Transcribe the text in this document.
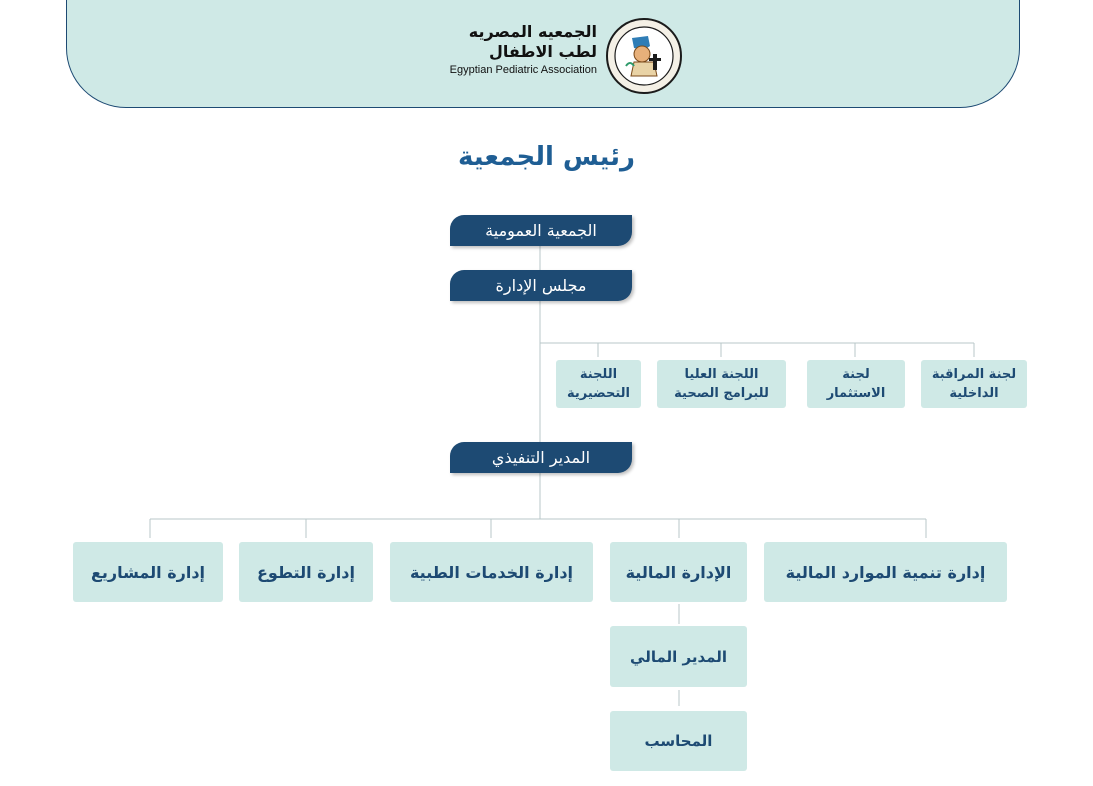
الجمعيه المصريه
لطب الاطفال
Egyptian Pediatric Association
رئيس الجمعية
الجمعية العمومية
مجلس الإدارة
لجنة المراقبة
الداخلية
لجنة
الاستثمار
اللجنة العليا
للبرامج الصحية
اللجنة
التحضيرية
المدير التنفيذي
إدارة تنمية الموارد المالية
الإدارة المالية
إدارة الخدمات الطبية
إدارة التطوع
إدارة المشاريع
المدير المالي
المحاسب
